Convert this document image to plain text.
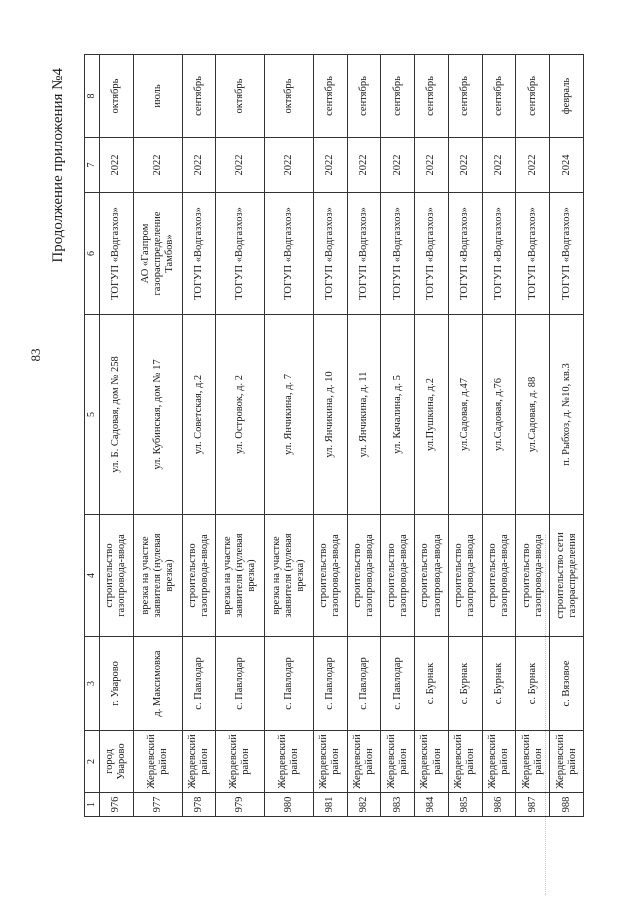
83
Продолжение приложения №4
1	2	3	4	5	6	7	8
976	город Уварово	г. Уварово	строительство газопровода-ввода	ул. Б. Садовая, дом № 258	ТОГУП «Водгазхоз»	2022	октябрь
977	Жердевский район	д. Максимовка	врезка на участке заявителя (нулевая врезка)	ул. Кубинская, дом № 17	АО «Газпром газораспределение Тамбов»	2022	июль
978	Жердевский район	с. Павлодар	строительство газопровода-ввода	ул. Советская, д.2	ТОГУП «Водгазхоз»	2022	сентябрь
979	Жердевский район	с. Павлодар	врезка на участке заявителя (нулевая врезка)	ул. Островок, д. 2	ТОГУП «Водгазхоз»	2022	октябрь
980	Жердевский район	с. Павлодар	врезка на участке заявителя (нулевая врезка)	ул. Янчикина, д. 7	ТОГУП «Водгазхоз»	2022	октябрь
981	Жердевский район	с. Павлодар	строительство газопровода-ввода	ул. Янчикина, д. 10	ТОГУП «Водгазхоз»	2022	сентябрь
982	Жердевский район	с. Павлодар	строительство газопровода-ввода	ул. Янчикина, д. 11	ТОГУП «Водгазхоз»	2022	сентябрь
983	Жердевский район	с. Павлодар	строительство газопровода-ввода	ул. Качалина, д. 5	ТОГУП «Водгазхоз»	2022	сентябрь
984	Жердевский район	с. Бурнак	строительство газопровода-ввода	ул.Пушкина, д.2	ТОГУП «Водгазхоз»	2022	сентябрь
985	Жердевский район	с. Бурнак	строительство газопровода-ввода	ул.Садовая, д.47	ТОГУП «Водгазхоз»	2022	сентябрь
986	Жердевский район	с. Бурнак	строительство газопровода-ввода	ул.Садовая, д.76	ТОГУП «Водгазхоз»	2022	сентябрь
987	Жердевский район	с. Бурнак	строительство газопровода-ввода	ул.Садовая, д. 88	ТОГУП «Водгазхоз»	2022	сентябрь
988	Жердевский район	с. Вязовое	строительство сети газораспределения	п. Рыбхоз, д. №10, кв.3	ТОГУП «Водгазхоз»	2024	февраль
